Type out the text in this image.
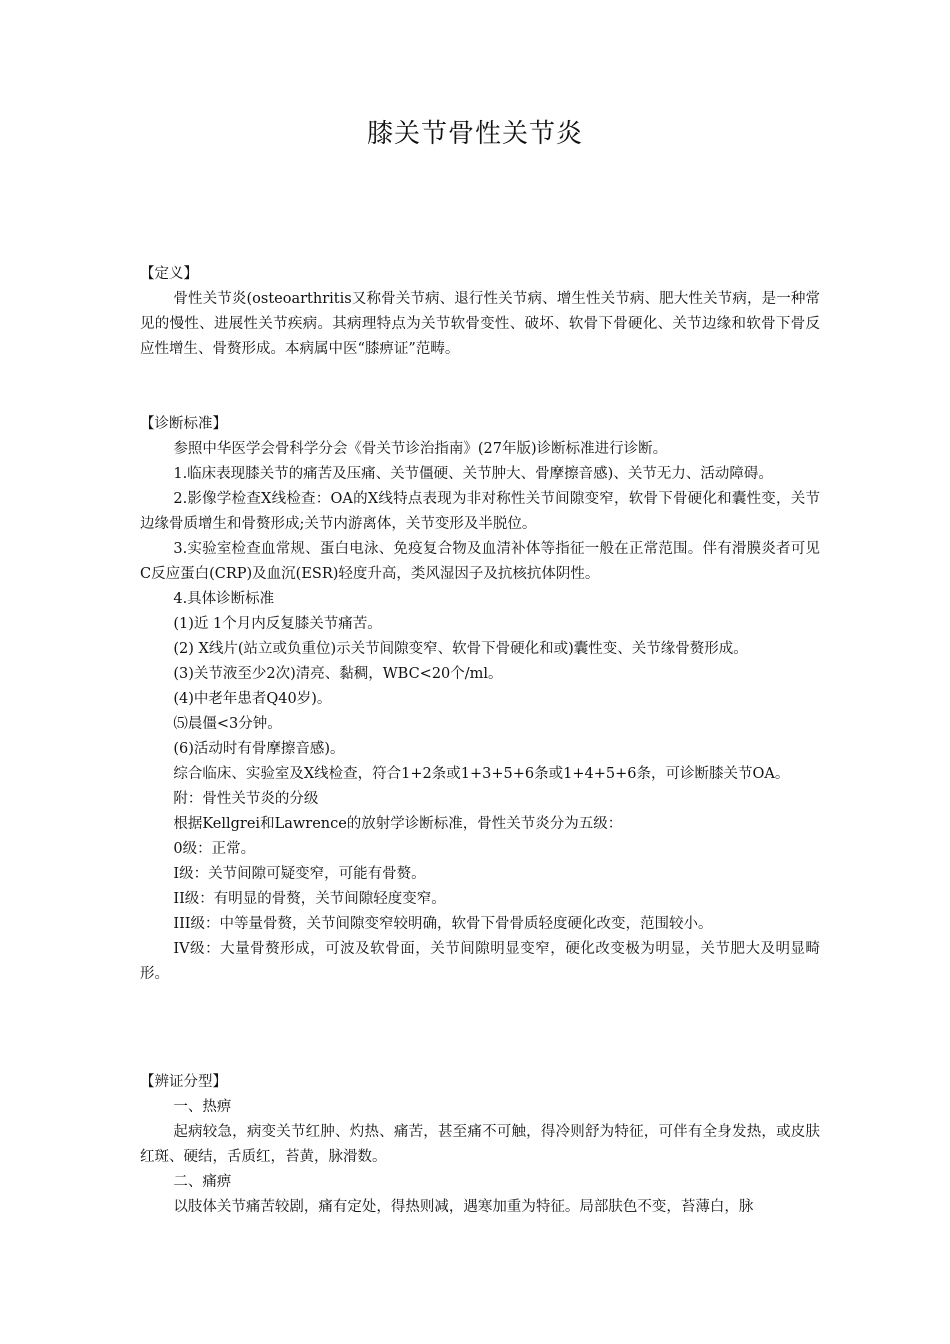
膝关节骨性关节炎

【定义】

骨性关节炎(osteoarthritis又称骨关节病、退行性关节病、增生性关节病、肥大性关节病，是一种常见的慢性、进展性关节疾病。其病理特点为关节软骨变性、破坏、软骨下骨硬化、关节边缘和软骨下骨反应性增生、骨赘形成。本病属中医“膝痹证”范畴。

【诊断标准】

参照中华医学会骨科学分会《骨关节诊治指南》(27年版)诊断标准进行诊断。

1.临床表现膝关节的痛苦及压痛、关节僵硬、关节肿大、骨摩擦音感)、关节无力、活动障碍。

2.影像学检查X线检查：OA的X线特点表现为非对称性关节间隙变窄，软骨下骨硬化和囊性变，关节边缘骨质增生和骨赘形成;关节内游离体，关节变形及半脱位。

3.实验室检查血常规、蛋白电泳、免疫复合物及血清补体等指征一般在正常范围。伴有滑膜炎者可见C反应蛋白(CRP)及血沉(ESR)轻度升高，类风湿因子及抗核抗体阴性。

4.具体诊断标准

(1)近 1个月内反复膝关节痛苦。

(2) X线片(站立或负重位)示关节间隙变窄、软骨下骨硬化和或)囊性变、关节缘骨赘形成。

(3)关节液至少2次)清亮、黏稠，WBC<20个/ml。

(4)中老年患者Q40岁)。

⑸晨僵<3分钟。

(6)活动时有骨摩擦音感)。

综合临床、实验室及X线检查，符合1+2条或1+3+5+6条或1+4+5+6条，可诊断膝关节OA。

附：骨性关节炎的分级

根据Kellgrei和Lawrence的放射学诊断标准，骨性关节炎分为五级：

0级：正常。

I级：关节间隙可疑变窄，可能有骨赘。

II级：有明显的骨赘，关节间隙轻度变窄。

III级：中等量骨赘，关节间隙变窄较明确，软骨下骨骨质轻度硬化改变，范围较小。

IV级：大量骨赘形成，可波及软骨面，关节间隙明显变窄，硬化改变极为明显，关节肥大及明显畸形。

【辨证分型】

一、热痹

起病较急，病变关节红肿、灼热、痛苦，甚至痛不可触，得冷则舒为特征，可伴有全身发热，或皮肤红斑、硬结，舌质红，苔黄，脉滑数。

二、痛痹

以肢体关节痛苦较剧，痛有定处，得热则减，遇寒加重为特征。局部肤色不变，苔薄白，脉
